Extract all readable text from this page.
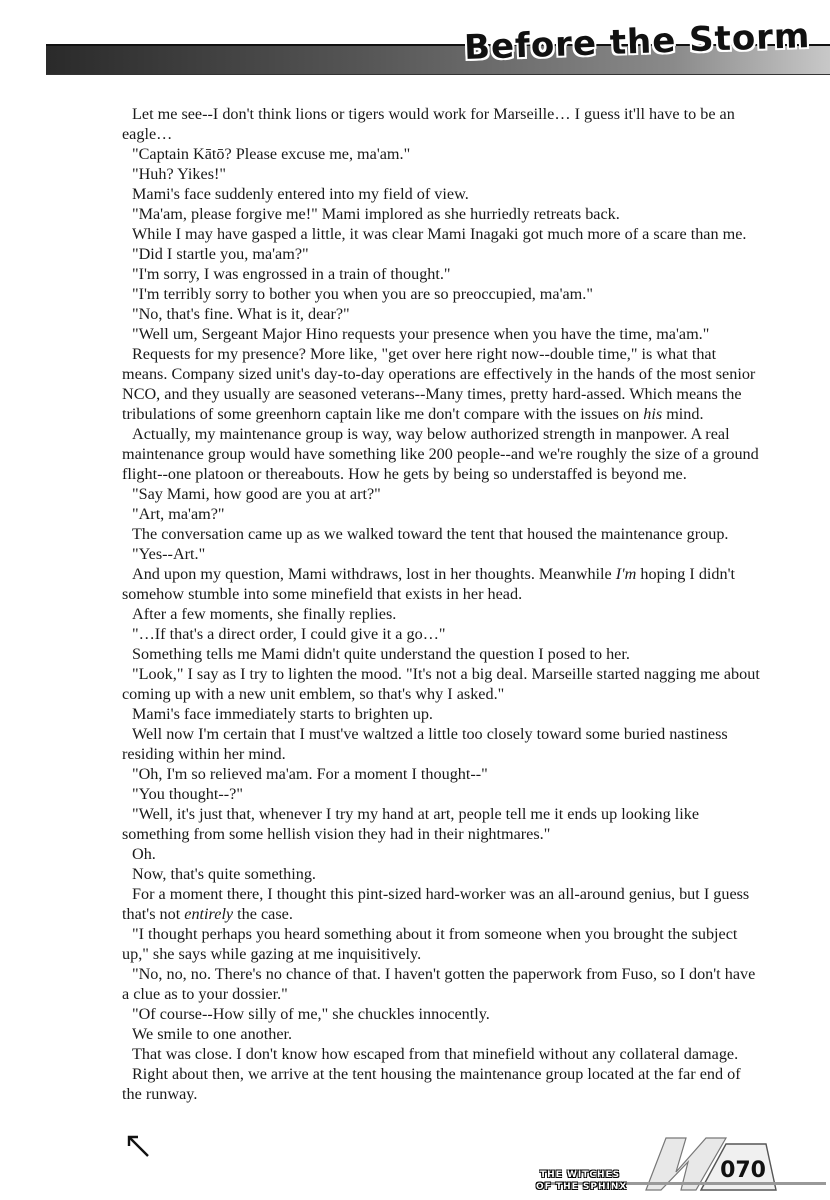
Before the Storm

Let me see--I don't think lions or tigers would work for Marseille… I guess it'll have to be an eagle…

"Captain Kātō? Please excuse me, ma'am."

"Huh? Yikes!"

Mami's face suddenly entered into my field of view.

"Ma'am, please forgive me!" Mami implored as she hurriedly retreats back.

While I may have gasped a little, it was clear Mami Inagaki got much more of a scare than me.

"Did I startle you, ma'am?"

"I'm sorry, I was engrossed in a train of thought."

"I'm terribly sorry to bother you when you are so preoccupied, ma'am."

"No, that's fine. What is it, dear?"

"Well um, Sergeant Major Hino requests your presence when you have the time, ma'am."

Requests for my presence? More like, "get over here right now--double time," is what that means. Company sized unit's day-to-day operations are effectively in the hands of the most senior NCO, and they usually are seasoned veterans--Many times, pretty hard-assed. Which means the tribulations of some greenhorn captain like me don't compare with the issues on his mind.

Actually, my maintenance group is way, way below authorized strength in manpower. A real maintenance group would have something like 200 people--and we're roughly the size of a ground flight--one platoon or thereabouts. How he gets by being so understaffed is beyond me.

"Say Mami, how good are you at art?"

"Art, ma'am?"

The conversation came up as we walked toward the tent that housed the maintenance group.

"Yes--Art."

And upon my question, Mami withdraws, lost in her thoughts. Meanwhile I'm hoping I didn't somehow stumble into some minefield that exists in her head.

After a few moments, she finally replies.

"…If that's a direct order, I could give it a go…"

Something tells me Mami didn't quite understand the question I posed to her.

"Look," I say as I try to lighten the mood. "It's not a big deal. Marseille started nagging me about coming up with a new unit emblem, so that's why I asked."

Mami's face immediately starts to brighten up.

Well now I'm certain that I must've waltzed a little too closely toward some buried nastiness residing within her mind.

"Oh, I'm so relieved ma'am. For a moment I thought--"

"You thought--?"

"Well, it's just that, whenever I try my hand at art, people tell me it ends up looking like something from some hellish vision they had in their nightmares."

Oh.

Now, that's quite something.

For a moment there, I thought this pint-sized hard-worker was an all-around genius, but I guess that's not entirely the case.

"I thought perhaps you heard something about it from someone when you brought the subject up," she says while gazing at me inquisitively.

"No, no, no. There's no chance of that. I haven't gotten the paperwork from Fuso, so I don't have a clue as to your dossier."

"Of course--How silly of me," she chuckles innocently.

We smile to one another.

That was close. I don't know how escaped from that minefield without any collateral damage.

Right about then, we arrive at the tent housing the maintenance group located at the far end of the runway.

THE WITCHES
OF THE SPHINX
070
